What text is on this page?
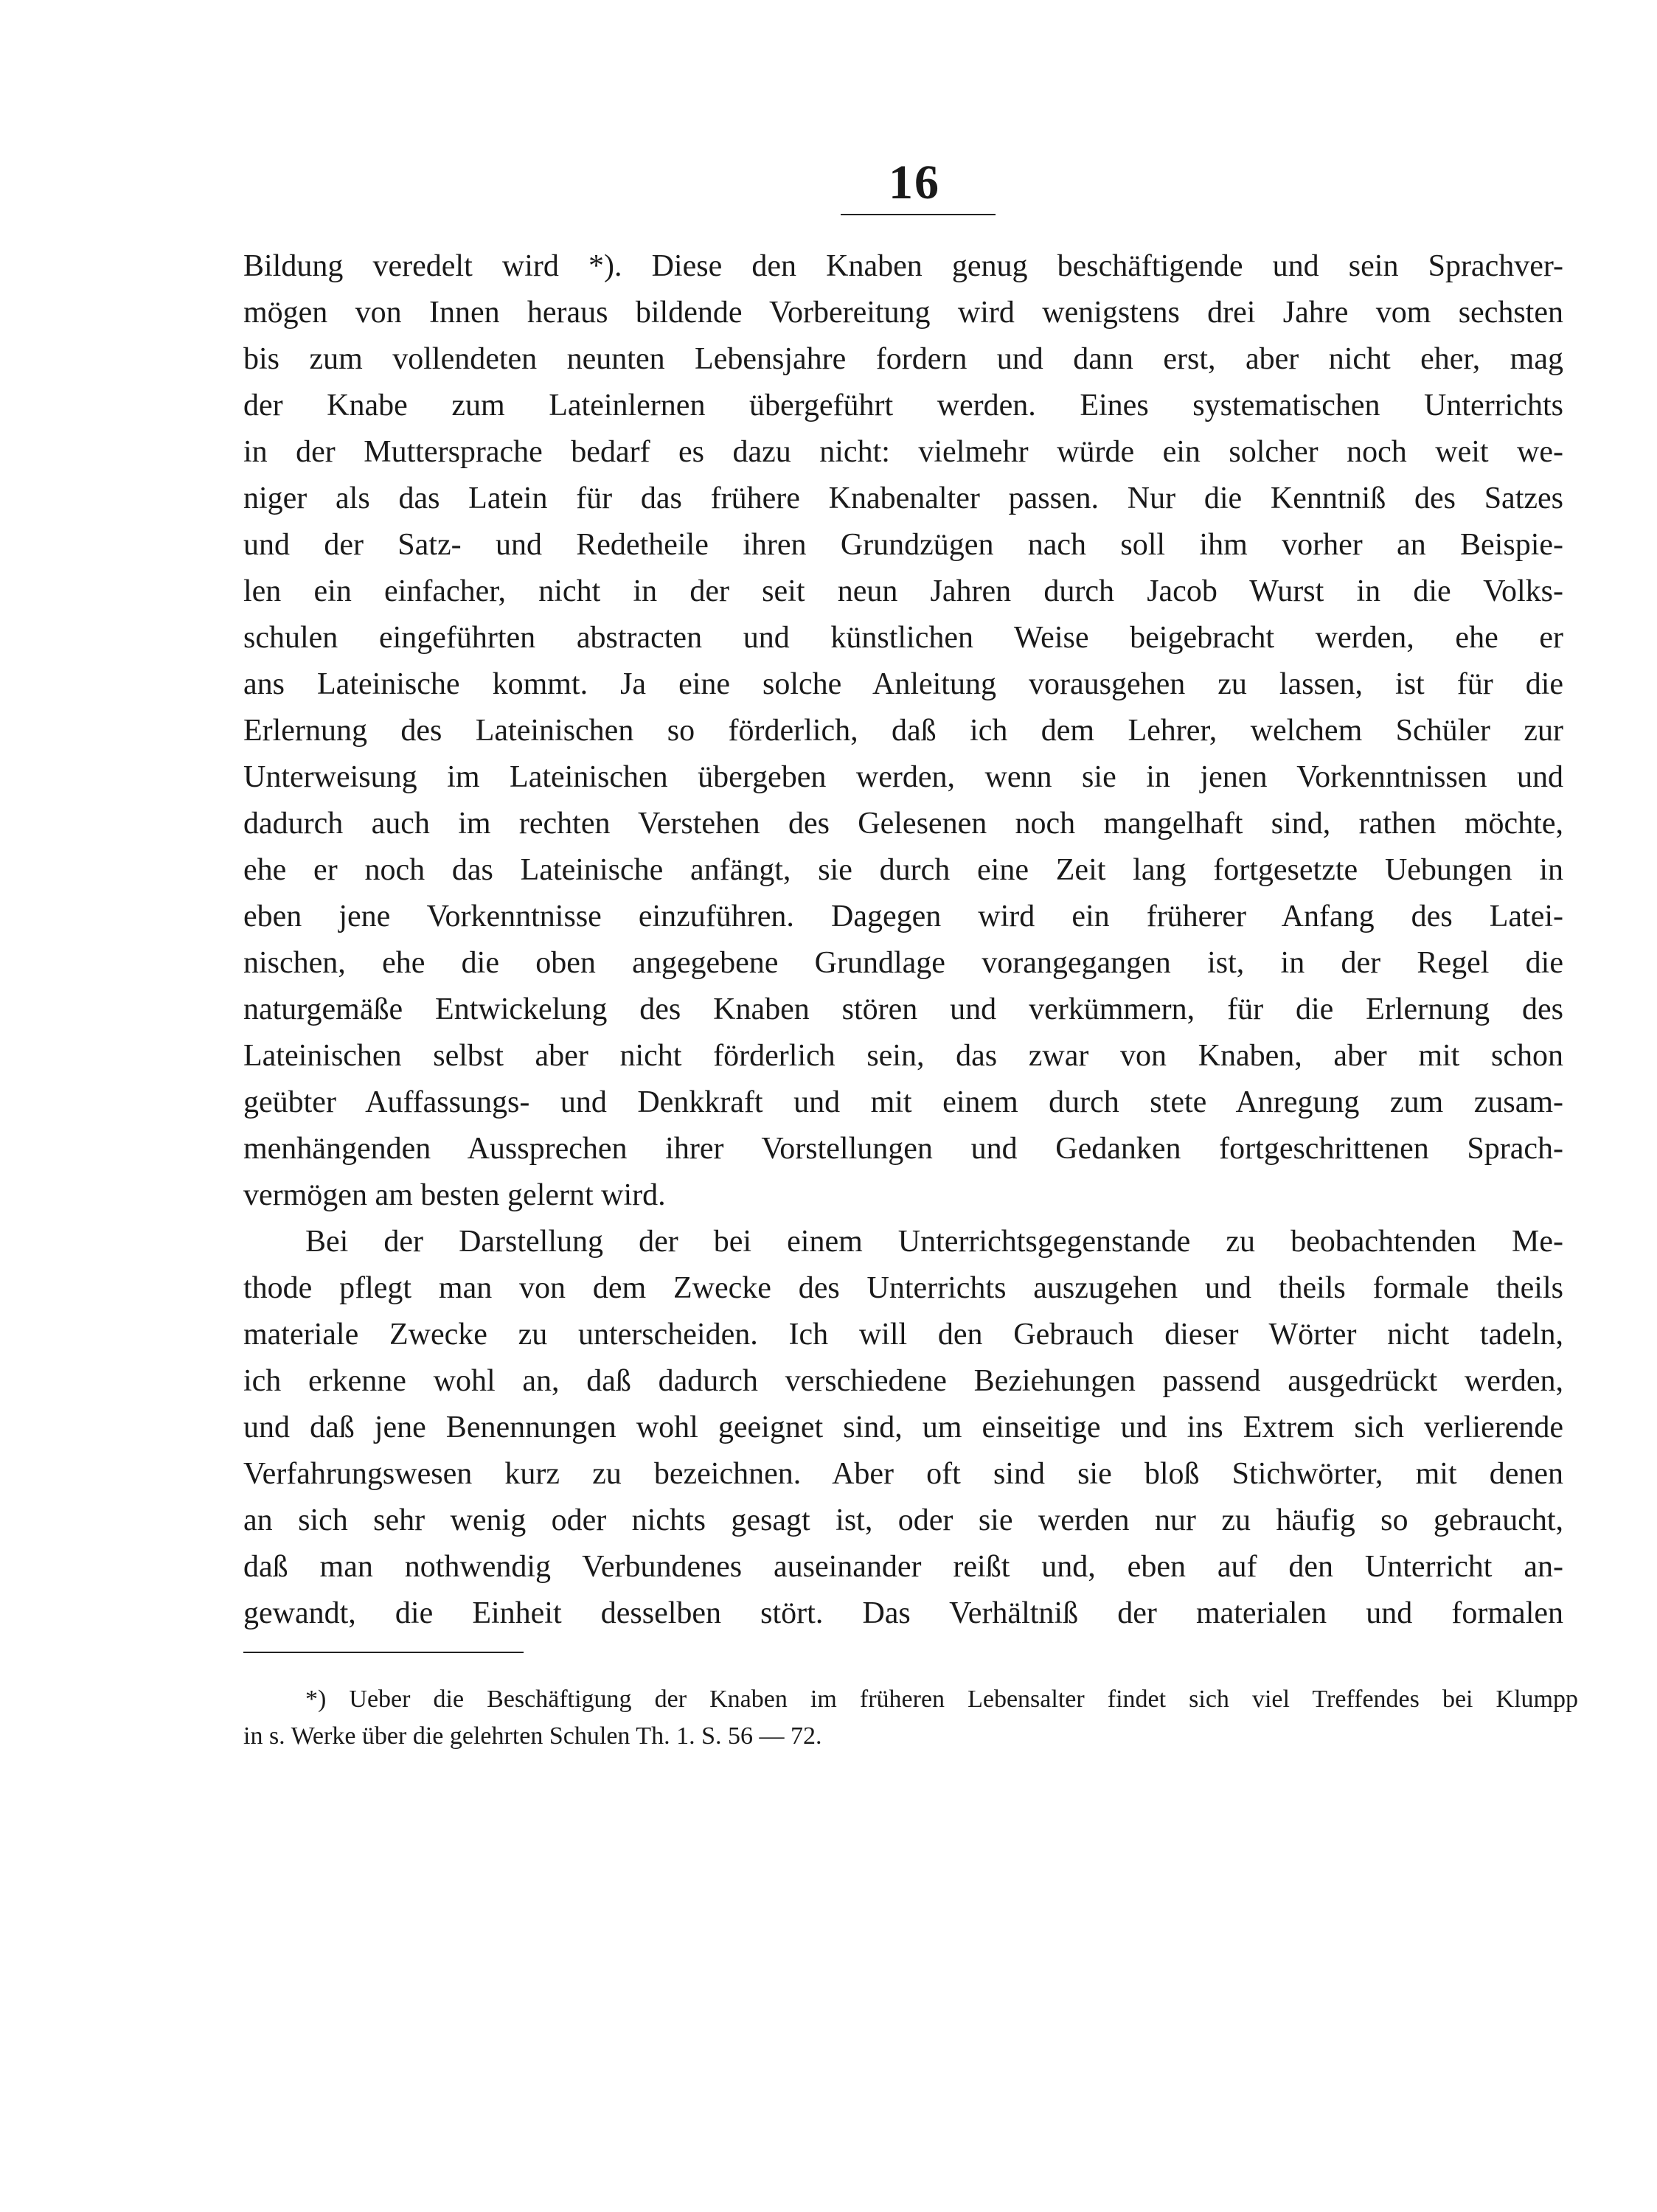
16
Bildung veredelt wird *). Diese den Knaben genug beschäftigende und sein Sprachver-
mögen von Innen heraus bildende Vorbereitung wird wenigstens drei Jahre vom sechsten
bis zum vollendeten neunten Lebensjahre fordern und dann erst, aber nicht eher, mag
der Knabe zum Lateinlernen übergeführt werden. Eines systematischen Unterrichts
in der Muttersprache bedarf es dazu nicht: vielmehr würde ein solcher noch weit we-
niger als das Latein für das frühere Knabenalter passen. Nur die Kenntniß des Satzes
und der Satz- und Redetheile ihren Grundzügen nach soll ihm vorher an Beispie-
len ein einfacher, nicht in der seit neun Jahren durch Jacob Wurst in die Volks-
schulen eingeführten abstracten und künstlichen Weise beigebracht werden, ehe er
ans Lateinische kommt. Ja eine solche Anleitung vorausgehen zu lassen, ist für die
Erlernung des Lateinischen so förderlich, daß ich dem Lehrer, welchem Schüler zur
Unterweisung im Lateinischen übergeben werden, wenn sie in jenen Vorkenntnissen und
dadurch auch im rechten Verstehen des Gelesenen noch mangelhaft sind, rathen möchte,
ehe er noch das Lateinische anfängt, sie durch eine Zeit lang fortgesetzte Uebungen in
eben jene Vorkenntnisse einzuführen. Dagegen wird ein früherer Anfang des Latei-
nischen, ehe die oben angegebene Grundlage vorangegangen ist, in der Regel die
naturgemäße Entwickelung des Knaben stören und verkümmern, für die Erlernung des
Lateinischen selbst aber nicht förderlich sein, das zwar von Knaben, aber mit schon
geübter Auffassungs- und Denkkraft und mit einem durch stete Anregung zum zusam-
menhängenden Aussprechen ihrer Vorstellungen und Gedanken fortgeschrittenen Sprach-
vermögen am besten gelernt wird.
Bei der Darstellung der bei einem Unterrichtsgegenstande zu beobachtenden Me-
thode pflegt man von dem Zwecke des Unterrichts auszugehen und theils formale theils
materiale Zwecke zu unterscheiden. Ich will den Gebrauch dieser Wörter nicht tadeln,
ich erkenne wohl an, daß dadurch verschiedene Beziehungen passend ausgedrückt werden,
und daß jene Benennungen wohl geeignet sind, um einseitige und ins Extrem sich verlierende
Verfahrungswesen kurz zu bezeichnen. Aber oft sind sie bloß Stichwörter, mit denen
an sich sehr wenig oder nichts gesagt ist, oder sie werden nur zu häufig so gebraucht,
daß man nothwendig Verbundenes auseinander reißt und, eben auf den Unterricht an-
gewandt, die Einheit desselben stört. Das Verhältniß der materialen und formalen
*) Ueber die Beschäftigung der Knaben im früheren Lebensalter findet sich viel Treffendes bei Klumpp
in s. Werke über die gelehrten Schulen Th. 1. S. 56 — 72.
